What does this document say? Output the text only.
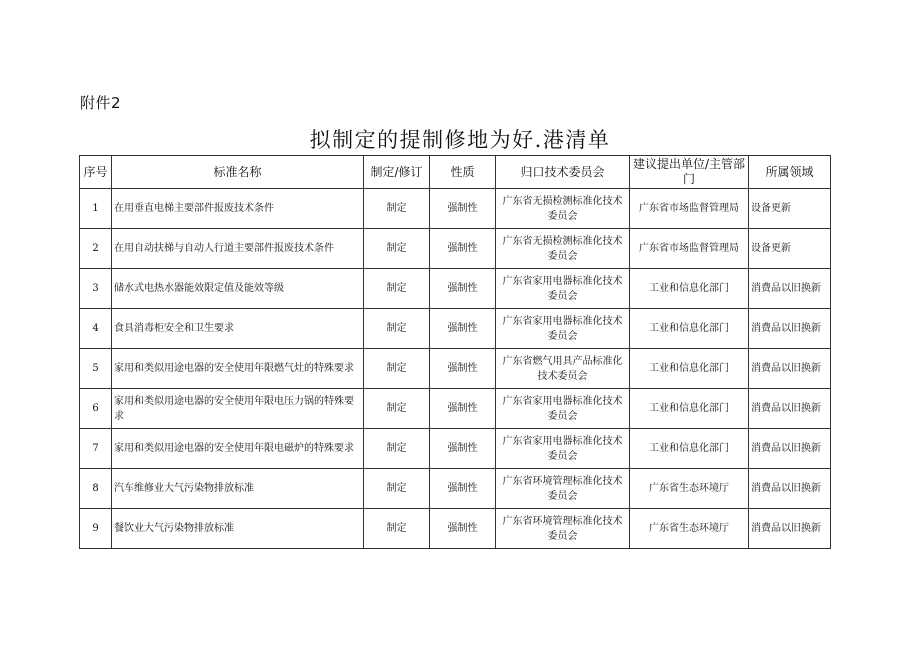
附件2
拟制定的提制修地为好.港清单
序号	标准名称	制定/修订	性质	归口技术委员会	建议提出单位/主管部门	所属领域
1	在用垂直电梯主要部件报废技术条件	制定	强制性	广东省无损检测标准化技术委员会	广东省市场监督管理局	设备更新
2	在用自动扶梯与自动人行道主要部件报废技术条件	制定	强制性	广东省无损检测标准化技术委员会	广东省市场监督管理局	设备更新
3	储水式电热水器能效限定值及能效等级	制定	强制性	广东省家用电器标准化技术委员会	工业和信息化部门	消费品以旧换新
4	食具消毒柜安全和卫生要求	制定	强制性	广东省家用电器标准化技术委员会	工业和信息化部门	消费品以旧换新
5	家用和类似用途电器的安全使用年限燃气灶的特殊要求	制定	强制性	广东省燃气用具产品标准化技术委员会	工业和信息化部门	消费品以旧换新
6	家用和类似用途电器的安全使用年限电压力锅的特殊要求	制定	强制性	广东省家用电器标准化技术委员会	工业和信息化部门	消费品以旧换新
7	家用和类似用途电器的安全使用年限电磁炉的特殊要求	制定	强制性	广东省家用电器标准化技术委员会	工业和信息化部门	消费品以旧换新
8	汽车维修业大气污染物排放标准	制定	强制性	广东省环境管理标准化技术委员会	广东省生态环境厅	消费品以旧换新
9	餐饮业大气污染物排放标准	制定	强制性	广东省环境管理标准化技术委员会	广东省生态环境厅	消费品以旧换新
